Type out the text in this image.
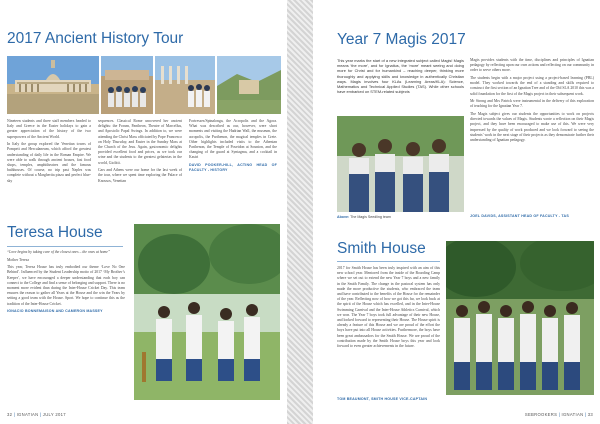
2017 Ancient History Tour

Nineteen students and three staff members headed to Italy and Greece in the Easter holidays to gain a greater appreciation of the history of the two superpowers of the Ancient World.

In Italy the group explored the Venetian towns of Pompeii and Herculaneum, which afford the greatest understanding of daily life in the Roman Empire. We were able to walk through ancient houses, fast food shops, temples, amphitheatres and the famous bathhouses. Of course, no trip past Naples was complete without a Margherita pizza and perfect blue-sky

sequences. Classical Rome uncovered her ancient delights: the Forum, Pantheon, Theatre of Marcellus, and Apostolic Papal Swings. In addition to, we were attending the Christ Mass officiated by Pope Francesco on Holy Thursday, and Easter in the Sunday Mass at the Church of the Jesu. Again, gastronomic delights provided excellent food and prices, as we took our wine and the students to the greatest gelaterias in the world, Giolitti.

Cars and Athens were our home for the last week of the tour, where we spent time exploring the Palace of Knossos, Venetian

Fortresses/Spinalonga, the Acropolis and the Agora. What was described as our, however, were short moments and visiting the Hadrian Wall, the museum, the acropolis, the Parthenon, the magical temples in Crete. Other highlights included visits to the Athenian Parthenon, the Temple of Poseidon at Sounion, and the changing of the guard at Syntagma, and a cocktail in Kastri

DAVID POOKER-HILL, ACTING HEAD OF FACULTY - HISTORY

Teresa House

“Love begins by taking care of the closest ones – the ones at home”

Mother Teresa

This year, Teresa House has truly embodied our theme ‘Love No One Behind’. Influenced by the Student Leadership motto of 2017 ‘My Brother’s Keeper’, we have encouraged a deeper understanding that each boy can connect to the College and find a sense of belonging and support. There is no moment more evident than during the Inter-House Cricket Day. This team ensures the reason to gather all Years at the House and the win the Years by setting a good team with the House. Sport. We hope to continue this as the tradition of the Inter-House Cricket.

IGNACIO BONNEMAISON AND CAMERON MASSEY

32 | IGNATIAN | JULY 2017
Year 7 Magis 2017

This year marks the start of a new integrated subject called Magis! Magis means ‘the more’, and for Ignatius, the ‘more’ meant seeing and doing more for Christ and for humankind – reaching deeper, thinking more thoroughly and applying skills and knowledge in authentically Christian ways. Magis involves four KLAs (Learning Areas/KLA): Science, Mathematics and Technical Applied Studies (TAS). While other schools have embarked on STEM-related subjects

Above: The Magis Seedling team

Magis provides students with the time, disciplines and principles of Ignatian pedagogy by reflecting upon our own actions and reflecting on our community in order to serve others more.

The students begin with a major project using a project-based learning (PBL) model. They worked towards the end of a standing and skills required to construct the first section of an Ignatian Tree and of the Old SLA 2010 this was a solid foundation for the first of the Magis project in their subsequent work.

Mr Strong and Mrs Patrick were instrumental in the delivery of this exploration of teaching for the Ignatian Year 7.

The Magis subject gives our students the opportunities to work on projects directed towards the values of Magis. Students wrote a reflection on their Magis project, and they have been encouraged to make use of this. We were very impressed by the quality of work produced and we look forward to seeing the students’ work in the next stage of their projects as they demonstrate further their understanding of Ignatian pedagogy.

JOEL DAVIDS, ASSISTANT HEAD OF FACULTY - TAS
Smith House

2017 for Smith House has been truly inspired with an aim of this new school year. Mentored from the inside of the Boarding Camp where we set out to extend the new Year 7 boys and a new family in the Smith Family. The change in the pastoral system has only made the more productive the students, who embraced the team and have contributed to the benefits of the House for the remainder of the year. Reflecting now of how we got this far, we look back at the spirit of the House which has excelled, and in the Inter-House Swimming Carnival and the Inter-House Athletics Carnival, which we won. The Year 7 boys took full advantage of their new House, and looked forward to representing their House. The House spirit is already a feature of this House and we are proud of the effort the boys have put into all House activities. Furthermore, the boys have been great ambassadors for the Smith House. We are proud of the contribution made by the Smith House boys this year and look forward to even greater achievements in the future.

TOM BEAUMONT, SMITH HOUSE VICE-CAPTAIN
SEBROOKERS | IGNATIAN | 33
